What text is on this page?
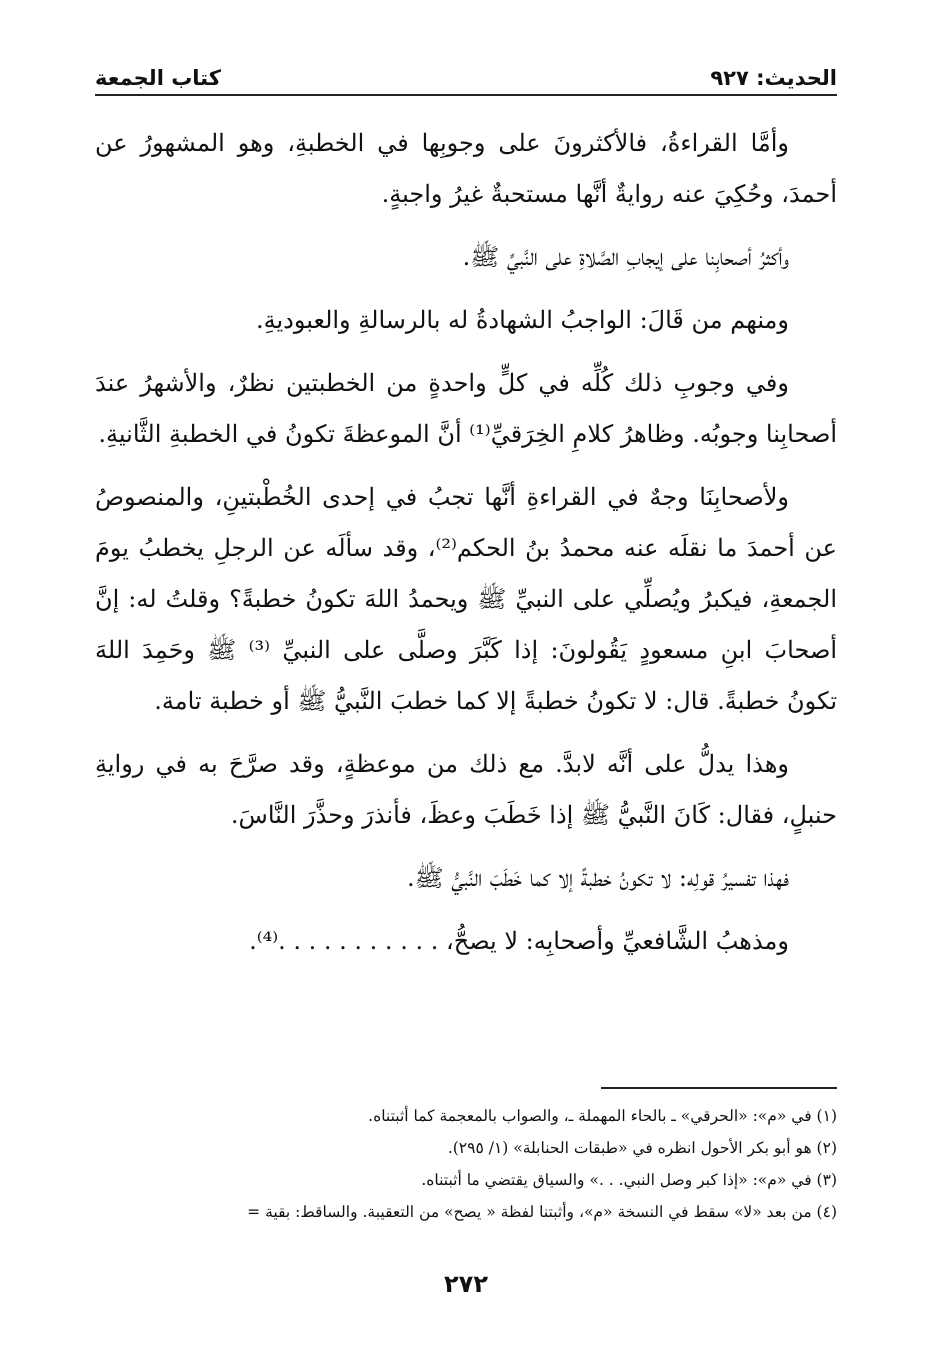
الحديث: ٩٢٧
كتاب الجمعة

وأمَّا القراءةُ، فالأكثرونَ على وجوبِها في الخطبةِ، وهو المشهورُ عن أحمدَ، وحُكِيَ عنه روايةٌ أنَّها مستحبةٌ غيرُ واجبةٍ.

وأكثرُ أصحابِنا على إيجابِ الصَّلاةِ على النَّبيِّ ﷺ.

ومنهم من قَالَ: الواجبُ الشهادةُ له بالرسالةِ والعبوديةِ.

وفي وجوبِ ذلك كُلِّه في كلٍّ واحدةٍ من الخطبتين نظرٌ، والأشهرُ عندَ أصحابِنا وجوبُه. وظاهرُ كلامِ الخِرَقيِّ⁽¹⁾ أنَّ الموعظةَ تكونُ في الخطبةِ الثَّانيةِ.

ولأصحابِنَا وجهٌ في القراءةِ أنَّها تجبُ في إحدى الخُطْبتينِ، والمنصوصُ عن أحمدَ ما نقلَه عنه محمدُ بنُ الحكم⁽²⁾، وقد سألَه عن الرجلِ يخطبُ يومَ الجمعةِ، فيكبرُ ويُصلِّي على النبيِّ ﷺ ويحمدُ اللهَ تكونُ خطبةً؟ وقلتُ له: إنَّ أصحابَ ابنِ مسعودٍ يَقُولونَ: إذا كَبَّرَ وصلَّى على النبيِّ ⁽³⁾ ﷺ وحَمِدَ اللهَ تكونُ خطبةً. قال: لا تكونُ خطبةً إلا كما خطبَ النَّبيُّ ﷺ أو خطبة تامة.

وهذا يدلُّ على أنَّه لابدَّ. مع ذلك من موعظةٍ، وقد صرَّحَ به في روايةِ حنبلٍ، فقال: كَانَ النَّبيُّ ﷺ إذا خَطَبَ وعظَ، فأنذرَ وحذَّرَ النَّاسَ.

فهذا تفسيرُ قولِه: لا تكونُ خطبةً إلا كما خَطَبَ النَّبيُّ ﷺ.

ومذهبُ الشَّافعيِّ وأصحابِه: لا يصحُّ، . . . . . . . . . . .⁽⁴⁾.

(١) في «م»: «الحرقي» ـ بالحاء المهملة ـ، والصواب بالمعجمة كما أثبتناه.

(٢) هو أبو بكر الأحول انظره في «طبقات الحنابلة» (١/ ٢٩٥).

(٣) في «م»: «إذا كبر وصل النبي. . .» والسياق يقتضي ما أثبتناه.

(٤) من بعد «لا» سقط في النسخة «م»، وأثبتنا لفظة « يصح» من التعقيبة. والساقط: بقية =

٢٧٢
